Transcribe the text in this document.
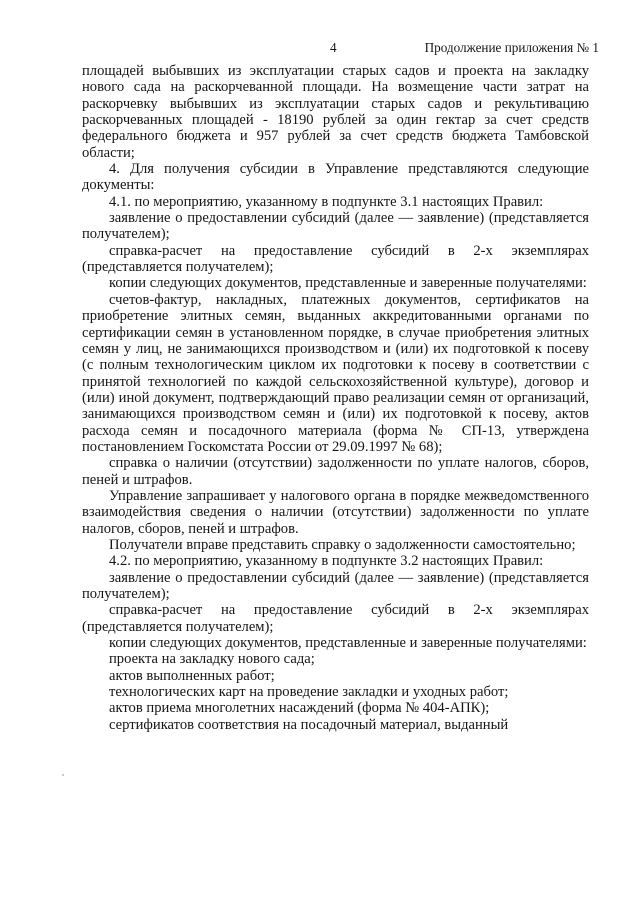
4	Продолжение приложения № 1

площадей выбывших из эксплуатации старых садов и проекта на закладку нового сада на раскорчеванной площади. На возмещение части затрат на раскорчевку выбывших из эксплуатации старых садов и рекультивацию раскорчеванных площадей - 18190 рублей за один гектар за счет средств федерального бюджета и 957 рублей за счет средств бюджета Тамбовской области;

4. Для получения субсидии в Управление представляются следующие документы:

4.1. по мероприятию, указанному в подпункте 3.1 настоящих Правил:

заявление о предоставлении субсидий (далее — заявление) (представляется получателем);

справка-расчет на предоставление субсидий в 2-х экземплярах (представляется получателем);

копии следующих документов, представленные и заверенные получателями:

счетов-фактур, накладных, платежных документов, сертификатов на приобретение элитных семян, выданных аккредитованными органами по сертификации семян в установленном порядке, в случае приобретения элитных семян у лиц, не занимающихся производством и (или) их подготовкой к посеву (с полным технологическим циклом их подготовки к посеву в соответствии с принятой технологией по каждой сельскохозяйственной культуре), договор и (или) иной документ, подтверждающий право реализации семян от организаций, занимающихся производством семян и (или) их подготовкой к посеву, актов расхода семян и посадочного материала (форма № СП-13, утверждена постановлением Госкомстата России от 29.09.1997 № 68);

справка о наличии (отсутствии) задолженности по уплате налогов, сборов, пеней и штрафов.

Управление запрашивает у налогового органа в порядке межведомственного взаимодействия сведения о наличии (отсутствии) задолженности по уплате налогов, сборов, пеней и штрафов.

Получатели вправе представить справку о задолженности самостоятельно;

4.2. по мероприятию, указанному в подпункте 3.2 настоящих Правил:

заявление о предоставлении субсидий (далее — заявление) (представляется получателем);

справка-расчет на предоставление субсидий в 2-х экземплярах (представляется получателем);

копии следующих документов, представленные и заверенные получателями:

проекта на закладку нового сада;

актов выполненных работ;

технологических карт на проведение закладки и уходных работ;

актов приема многолетних насаждений (форма № 404-АПК);

сертификатов соответствия на посадочный материал, выданный
